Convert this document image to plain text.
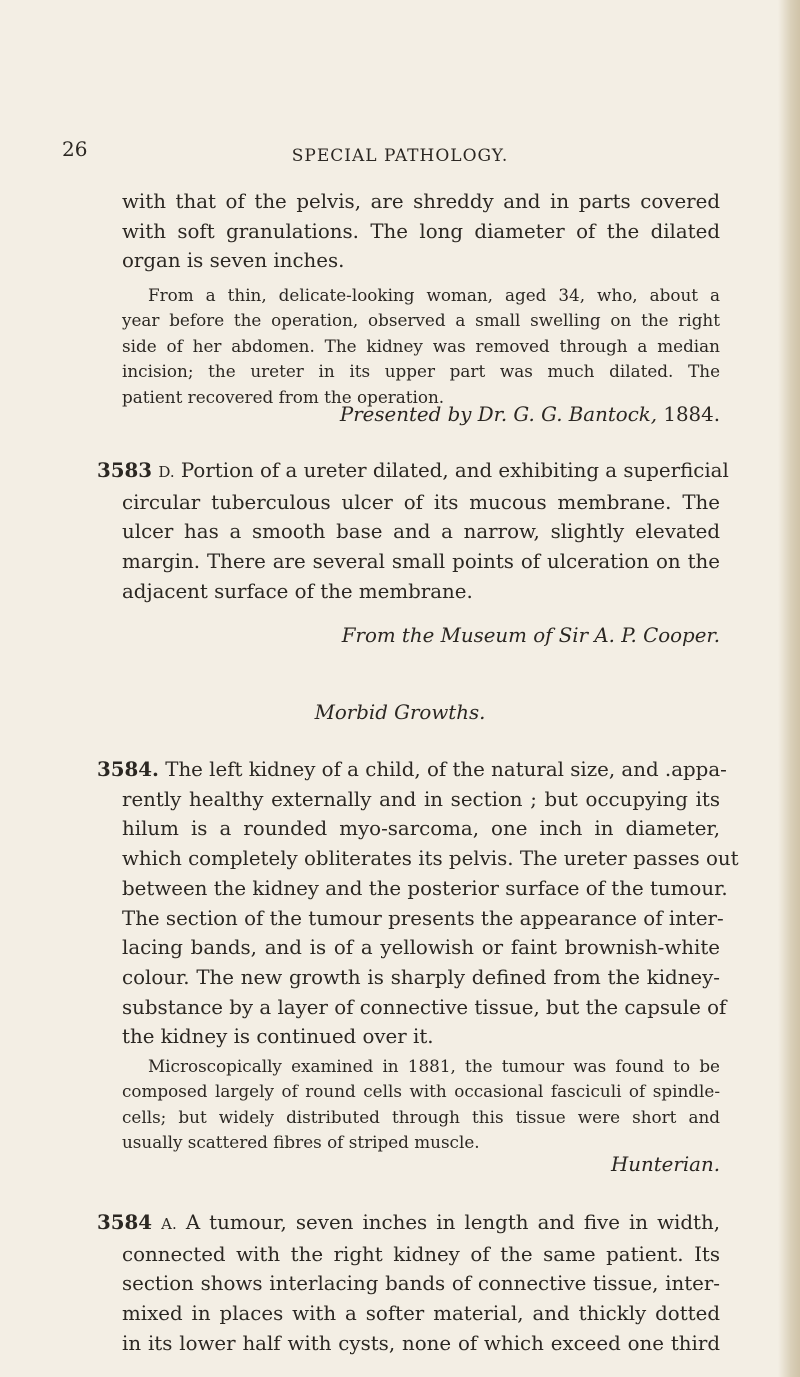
26	SPECIAL PATHOLOGY.
with that of the pelvis, are shreddy and in parts covered
with soft granulations. The long diameter of the dilated
organ is seven inches.
From a thin, delicate-looking woman, aged 34, who, about a
year before the operation, observed a small swelling on the right
side of her abdomen. The kidney was removed through a median
incision; the ureter in its upper part was much dilated. The
patient recovered from the operation.
Presented by Dr. G. G. Bantock, 1884.
3583 D. Portion of a ureter dilated, and exhibiting a superficial
circular tuberculous ulcer of its mucous membrane. The
ulcer has a smooth base and a narrow, slightly elevated
margin. There are several small points of ulceration on the
adjacent surface of the membrane.
From the Museum of Sir A. P. Cooper.
Morbid Growths.
3584. The left kidney of a child, of the natural size, and .appa-
rently healthy externally and in section ; but occupying its
hilum is a rounded myo-sarcoma, one inch in diameter,
which completely obliterates its pelvis. The ureter passes out
between the kidney and the posterior surface of the tumour.
The section of the tumour presents the appearance of inter-
lacing bands, and is of a yellowish or faint brownish-white
colour. The new growth is sharply defined from the kidney-
substance by a layer of connective tissue, but the capsule of
the kidney is continued over it.
Microscopically examined in 1881, the tumour was found to be
composed largely of round cells with occasional fasciculi of spindle-
cells; but widely distributed through this tissue were short and
usually scattered fibres of striped muscle.
Hunterian.
3584 A. A tumour, seven inches in length and five in width,
connected with the right kidney of the same patient. Its
section shows interlacing bands of connective tissue, inter-
mixed in places with a softer material, and thickly dotted
in its lower half with cysts, none of which exceed one third
